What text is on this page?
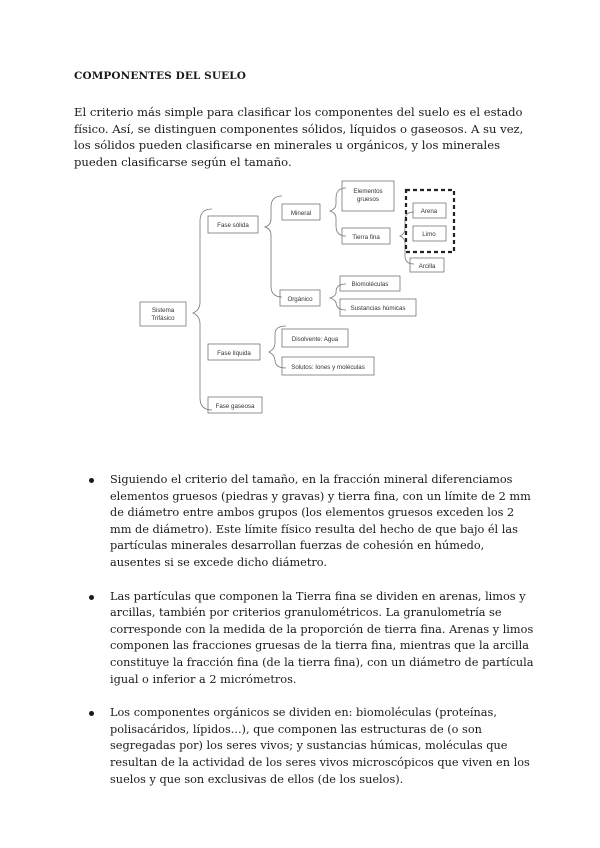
COMPONENTES DEL SUELO

El criterio más simple para clasificar los componentes del suelo es el estado físico. Así, se distinguen componentes sólidos, líquidos o gaseosos. A su vez, los sólidos pueden clasificarse en minerales u orgánicos, y los minerales pueden clasificarse según el tamaño.

Sistema
Trifásico
Fase sólida
Mineral
Elementos
gruesos
Tierra fina
Arena
Limo
Arcilla
Orgánico
Biomoléculas
Sustancias húmicas
Fase líquida
Disolvente: Agua
Solutos: Iones y moléculas
Fase gaseosa
Siguiendo el criterio del tamaño, en la fracción mineral diferenciamos elementos gruesos (piedras y gravas) y tierra fina, con un límite de 2 mm de diámetro entre ambos grupos (los elementos gruesos exceden los 2 mm de diámetro). Este límite físico resulta del hecho de que bajo él las partículas minerales desarrollan fuerzas de cohesión en húmedo, ausentes si se excede dicho diámetro.
Las partículas que componen la Tierra fina se dividen en arenas, limos y arcillas, también por criterios granulométricos. La granulometría se corresponde con la medida de la proporción de tierra fina. Arenas y limos componen las fracciones gruesas de la tierra fina, mientras que la arcilla constituye la fracción fina (de la tierra fina), con un diámetro de partícula igual o inferior a 2 micrómetros.
Los componentes orgánicos se dividen en: biomoléculas (proteínas, polisacáridos, lípidos...), que componen las estructuras de (o son segregadas por) los seres vivos; y sustancias húmicas, moléculas que resultan de la actividad de los seres vivos microscópicos que viven en los suelos y que son exclusivas de ellos (de los suelos).
